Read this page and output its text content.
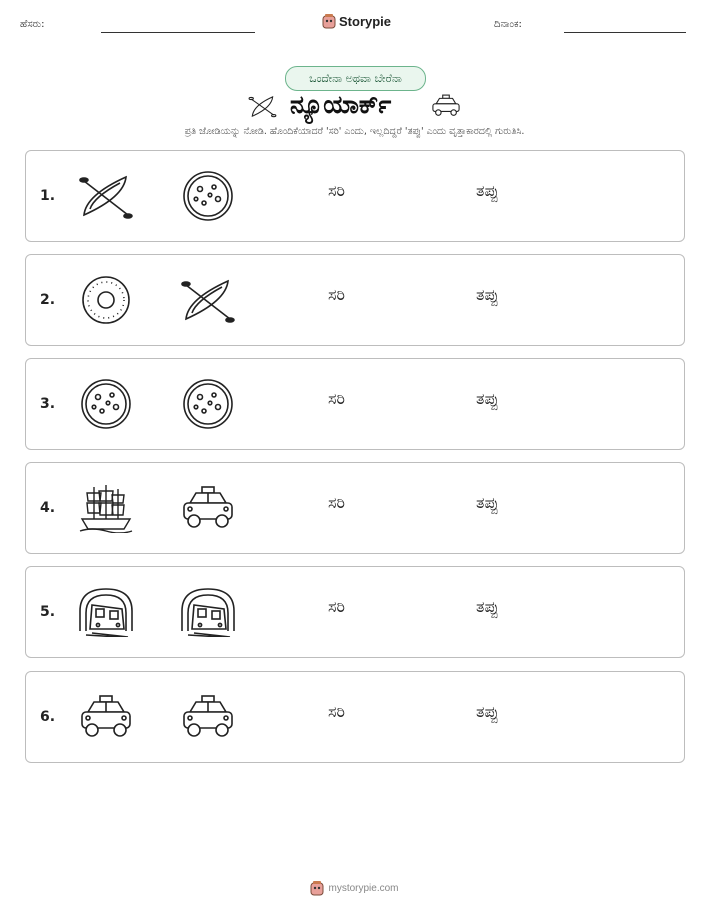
ಹೆಸರು:	Storypie	ದಿನಾಂಕ:
ಒಂದೇನಾ ಅಥವಾ ಬೇರೆನಾ
ನ್ಯೂಯಾರ್ಕ್
ಪ್ರತಿ ಜೋಡಿಯನ್ನು ನೋಡಿ. ಹೊಂದಿಕೆಯಾದರೆ 'ಸರಿ' ಎಂದು, ಇಲ್ಲದಿದ್ದರೆ 'ತಪ್ಪು' ಎಂದು ವೃತ್ತಾಕಾರದಲ್ಲಿ ಗುರುತಿಸಿ.
1.	ಸರಿ	ತಪ್ಪು
2.	ಸರಿ	ತಪ್ಪು
3.	ಸರಿ	ತಪ್ಪು
4.	ಸರಿ	ತಪ್ಪು
5.	ಸರಿ	ತಪ್ಪು
6.	ಸರಿ	ತಪ್ಪು
mystorypie.com
